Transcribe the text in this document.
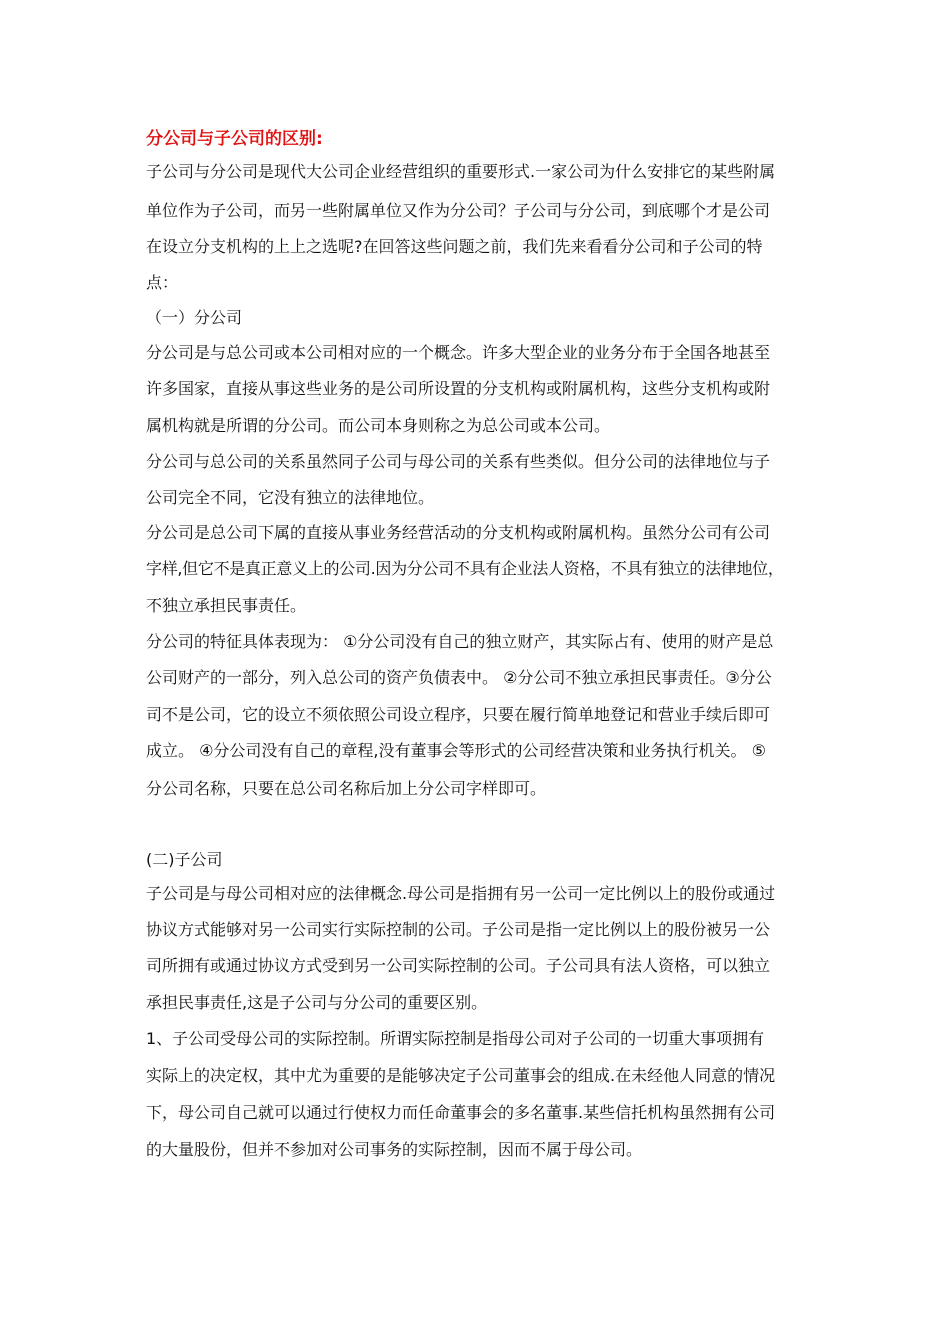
分公司与子公司的区别:
子公司与分公司是现代大公司企业经营组织的重要形式.一家公司为什么安排它的某些附属
单位作为子公司，而另一些附属单位又作为分公司？子公司与分公司，到底哪个才是公司
在设立分支机构的上上之选呢?在回答这些问题之前，我们先来看看分公司和子公司的特
点：
（一）分公司
分公司是与总公司或本公司相对应的一个概念。许多大型企业的业务分布于全国各地甚至
许多国家，直接从事这些业务的是公司所设置的分支机构或附属机构，这些分支机构或附
属机构就是所谓的分公司。而公司本身则称之为总公司或本公司。
分公司与总公司的关系虽然同子公司与母公司的关系有些类似。但分公司的法律地位与子
公司完全不同，它没有独立的法律地位。
分公司是总公司下属的直接从事业务经营活动的分支机构或附属机构。虽然分公司有公司
字样,但它不是真正意义上的公司.因为分公司不具有企业法人资格，不具有独立的法律地位，
不独立承担民事责任。
分公司的特征具体表现为： ①分公司没有自己的独立财产，其实际占有、使用的财产是总
公司财产的一部分，列入总公司的资产负债表中。 ②分公司不独立承担民事责任。③分公
司不是公司，它的设立不须依照公司设立程序，只要在履行简单地登记和营业手续后即可
成立。 ④分公司没有自己的章程,没有董事会等形式的公司经营决策和业务执行机关。 ⑤
分公司名称，只要在总公司名称后加上分公司字样即可。
(二)子公司
子公司是与母公司相对应的法律概念.母公司是指拥有另一公司一定比例以上的股份或通过
协议方式能够对另一公司实行实际控制的公司。子公司是指一定比例以上的股份被另一公
司所拥有或通过协议方式受到另一公司实际控制的公司。子公司具有法人资格，可以独立
承担民事责任,这是子公司与分公司的重要区别。
1、子公司受母公司的实际控制。所谓实际控制是指母公司对子公司的一切重大事项拥有
实际上的决定权，其中尤为重要的是能够决定子公司董事会的组成.在未经他人同意的情况
下，母公司自己就可以通过行使权力而任命董事会的多名董事.某些信托机构虽然拥有公司
的大量股份，但并不参加对公司事务的实际控制，因而不属于母公司。
